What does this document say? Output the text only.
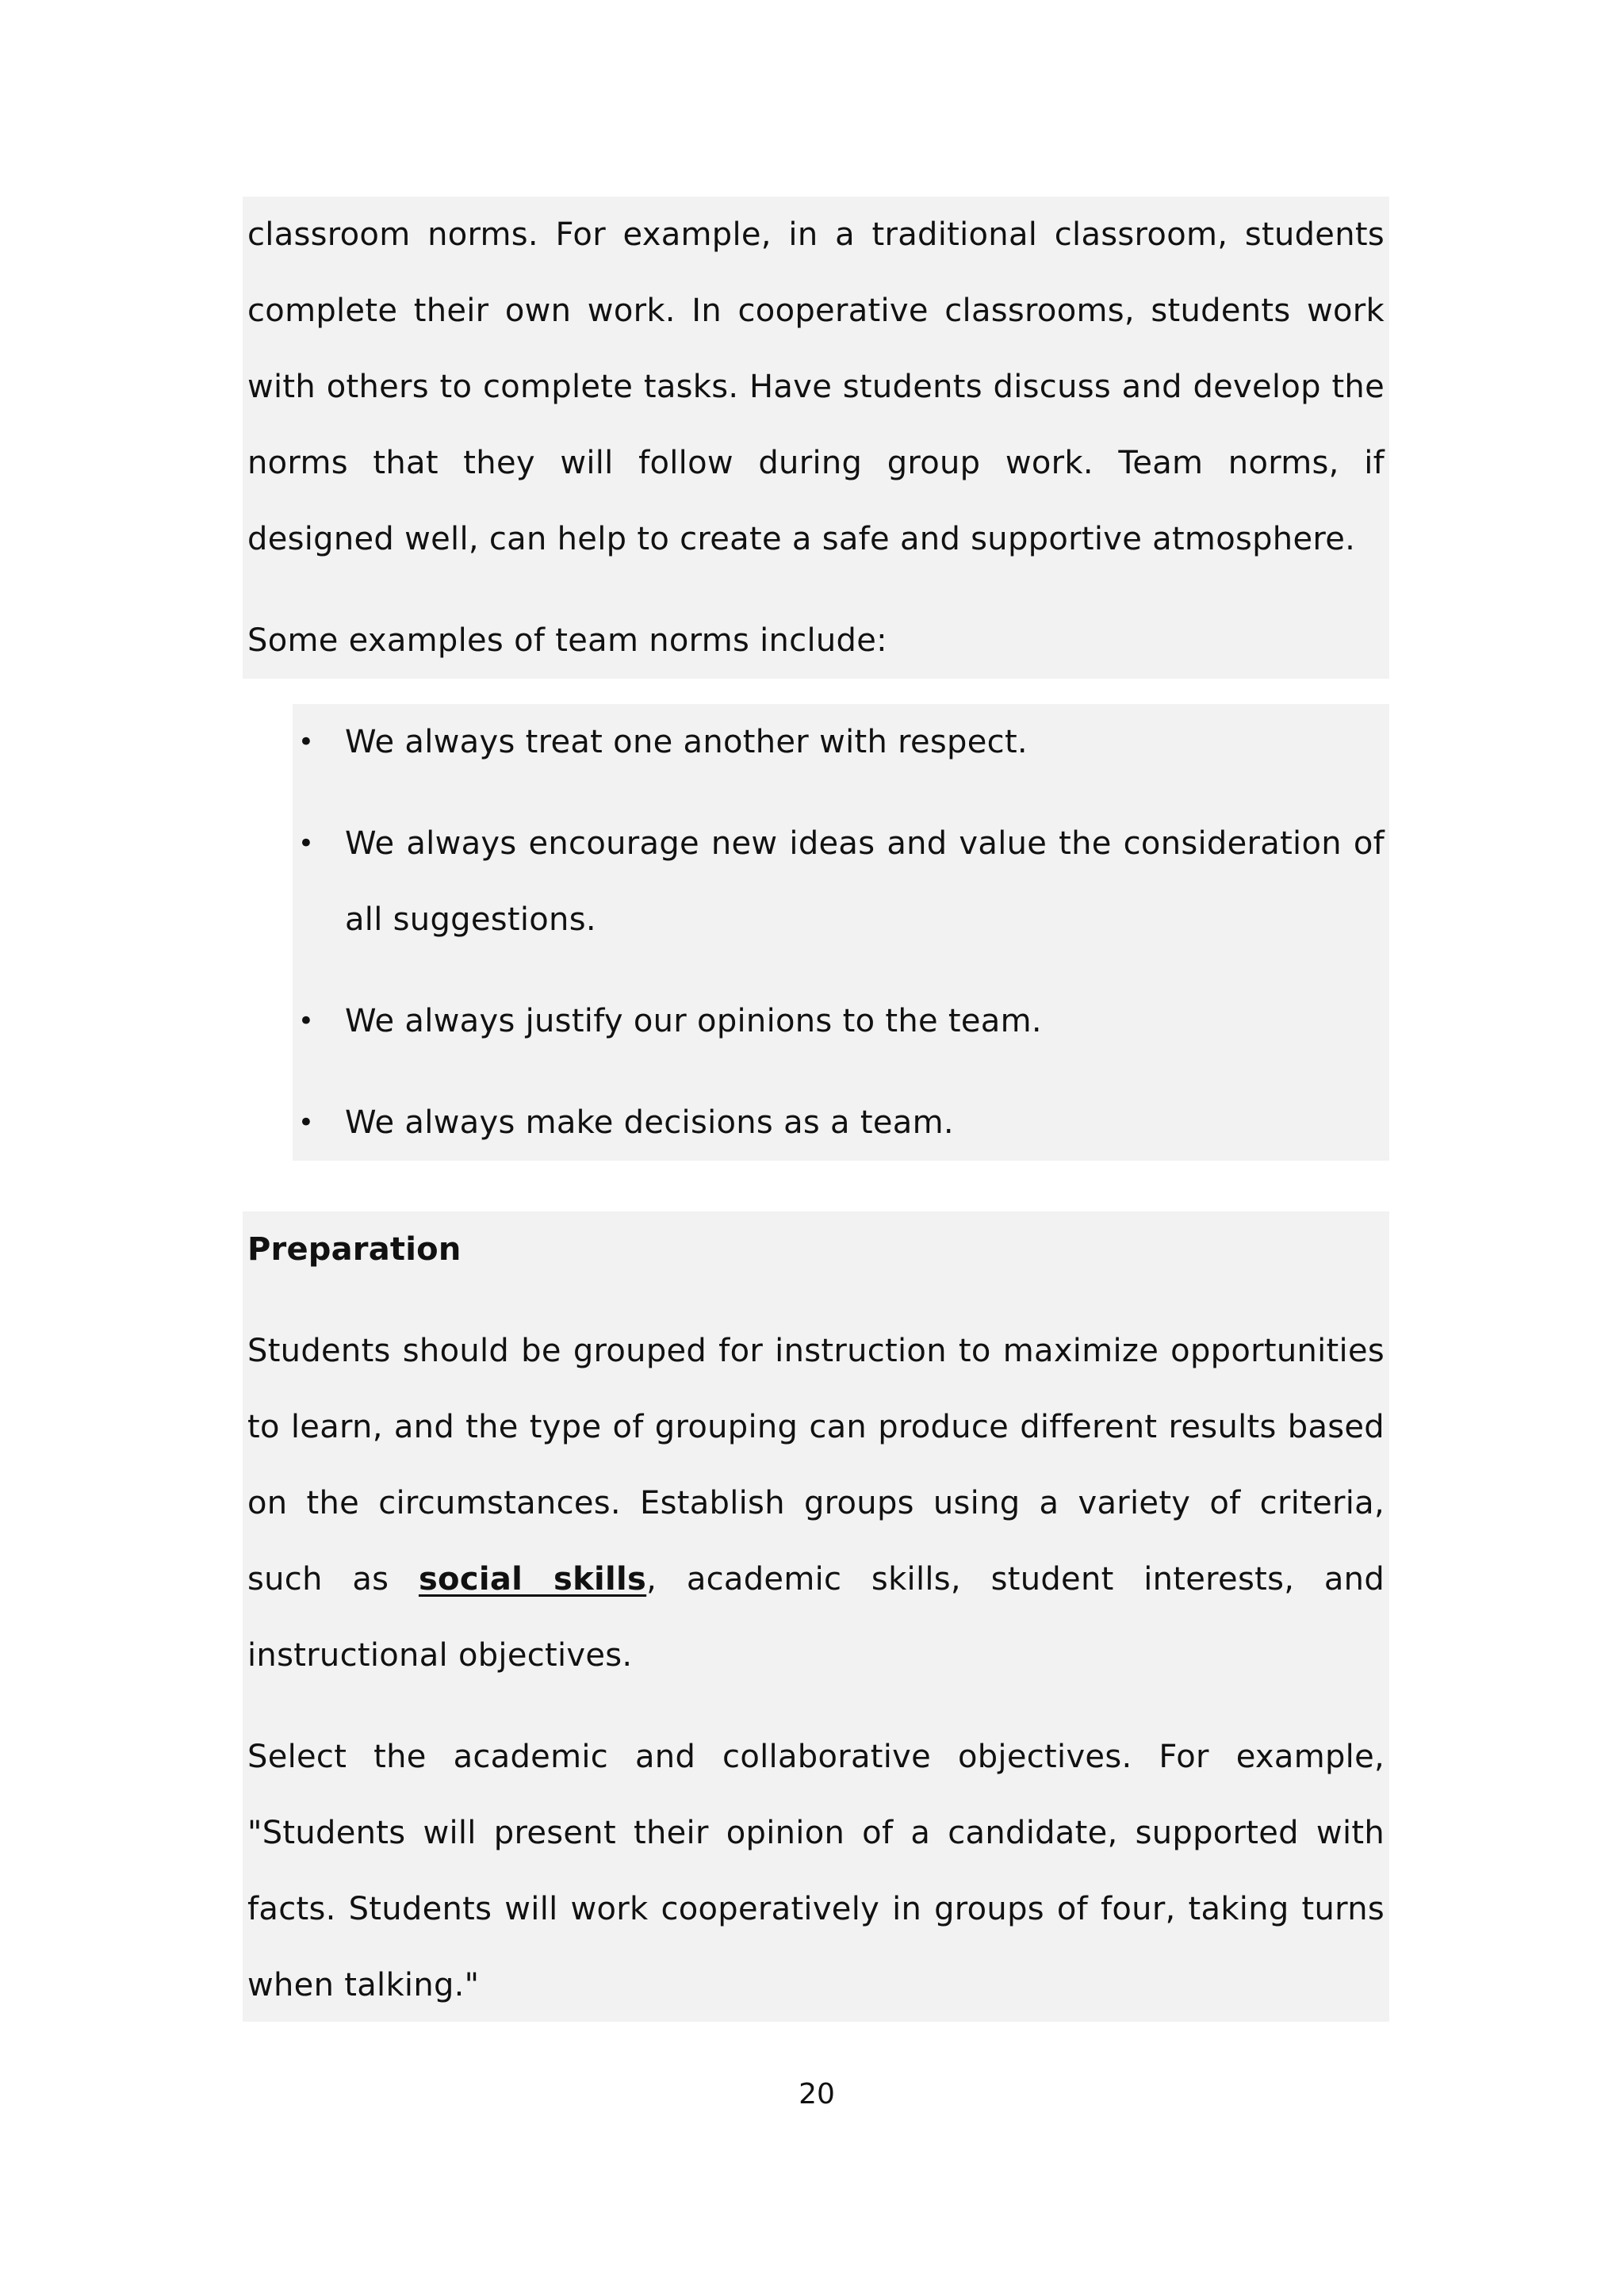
classroom norms. For example, in a traditional classroom, students complete their own work. In cooperative classrooms, students work with others to complete tasks. Have students discuss and develop the norms that they will follow during group work. Team norms, if designed well, can help to create a safe and supportive atmosphere.

Some examples of team norms include:

• We always treat one another with respect.
• We always encourage new ideas and value the consideration of all suggestions.
• We always justify our opinions to the team.
• We always make decisions as a team.
Preparation

Students should be grouped for instruction to maximize opportunities to learn, and the type of grouping can produce different results based on the circumstances. Establish groups using a variety of criteria, such as social skills, academic skills, student interests, and instructional objectives.

Select the academic and collaborative objectives. For example, "Students will present their opinion of a candidate, supported with facts. Students will work cooperatively in groups of four, taking turns when talking."

20
